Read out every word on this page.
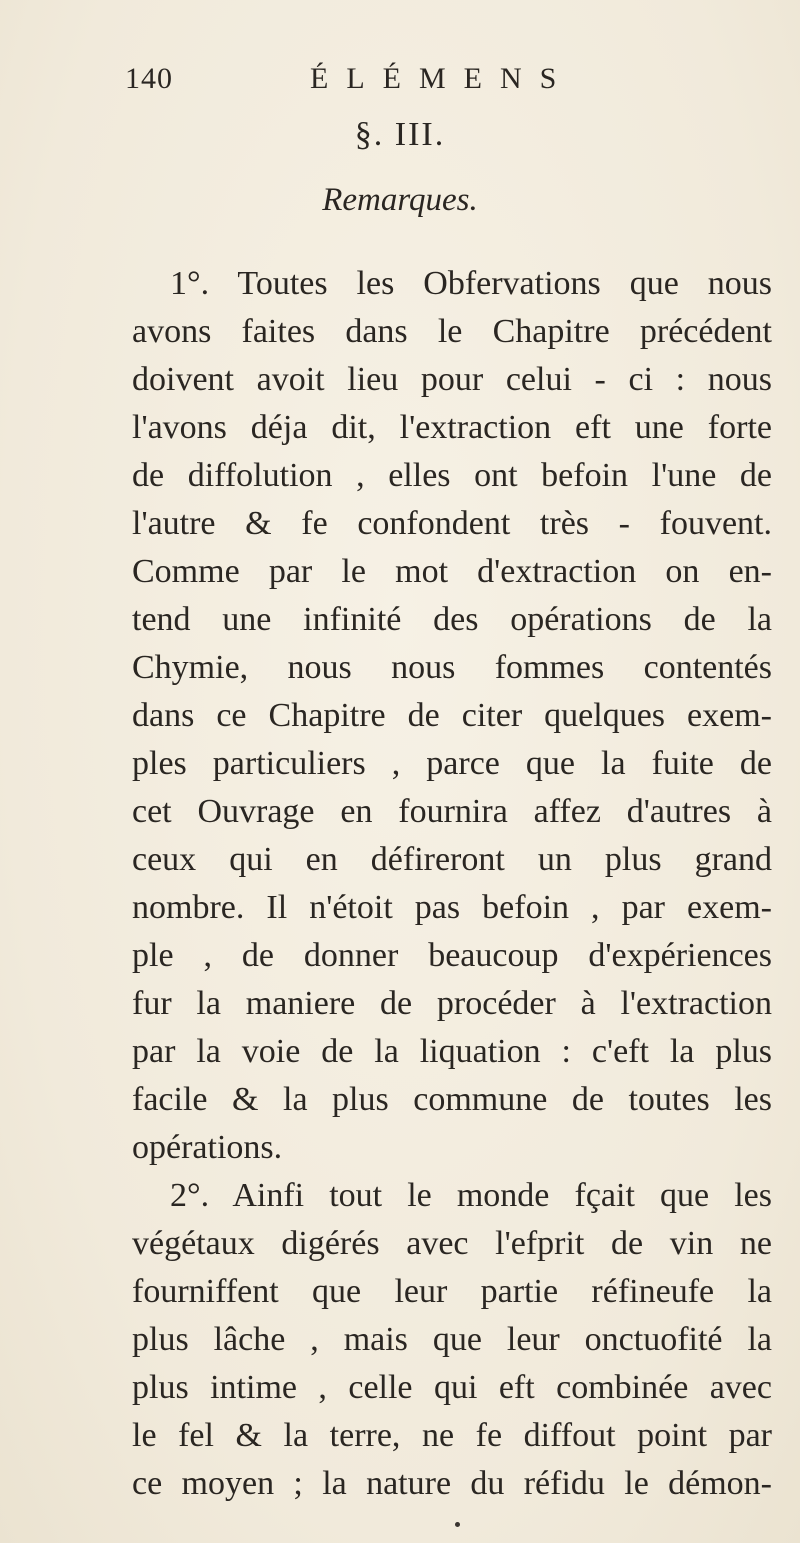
140	ÉLÉMENS
§. III.
Remarques.
1°. Toutes les Obfervations que nous
avons faites dans le Chapitre précédent
doivent avoit lieu pour celui - ci : nous
l'avons déja dit, l'extraction eft une forte
de diffolution , elles ont befoin l'une de
l'autre & fe confondent très - fouvent.
Comme par le mot d'extraction on en-
tend une infinité des opérations de la
Chymie, nous nous fommes contentés
dans ce Chapitre de citer quelques exem-
ples particuliers , parce que la fuite de
cet Ouvrage en fournira affez d'autres à
ceux qui en défireront un plus grand
nombre. Il n'étoit pas befoin , par exem-
ple , de donner beaucoup d'expériences
fur la maniere de procéder à l'extraction
par la voie de la liquation : c'eft la plus
facile & la plus commune de toutes les
opérations.
2°. Ainfi tout le monde fçait que les
végétaux digérés avec l'efprit de vin ne
fourniffent que leur partie réfineufe la
plus lâche , mais que leur onctuofité la
plus intime , celle qui eft combinée avec
le fel & la terre, ne fe diffout point par
ce moyen ; la nature du réfidu le démon-
